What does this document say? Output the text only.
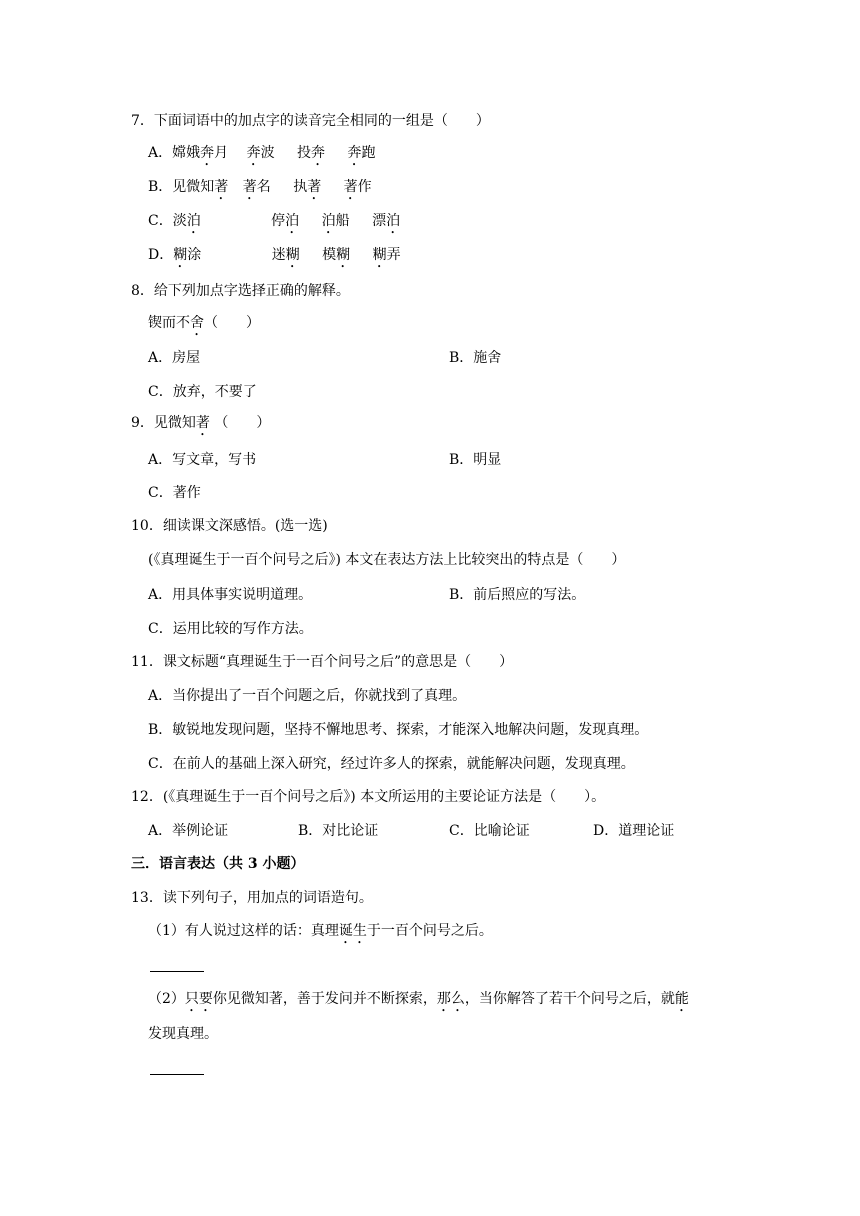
7．下面词语中的加点字的读音完全相同的一组是（　　）
A．嫦娥奔月 奔波 投奔 奔跑
B．见微知著 著名 执著 著作
C．淡泊	停泊 泊船 漂泊
D．糊涂	迷糊 模糊 糊弄
8．给下列加点字选择正确的解释。
锲而不舍（　　）
A．房屋	B．施舍
C．放弃，不要了
9．见微知著 （　　）
A．写文章，写书	B．明显
C．著作
10．细读课文深感悟。(选一选)
(《真理诞生于一百个问号之后》) 本文在表达方法上比较突出的特点是（　　）
A．用具体事实说明道理。	B．前后照应的写法。
C．运用比较的写作方法。
11．课文标题“真理诞生于一百个问号之后”的意思是（　　）
A．当你提出了一百个问题之后，你就找到了真理。
B．敏锐地发现问题，坚持不懈地思考、探索，才能深入地解决问题，发现真理。
C．在前人的基础上深入研究，经过许多人的探索，就能解决问题，发现真理。
12．(《真理诞生于一百个问号之后》) 本文所运用的主要论证方法是（　　）。
A．举例论证	B．对比论证	C．比喻论证	D．道理论证
三．语言表达（共 3 小题）
13．读下列句子，用加点的词语造句。
（1）有人说过这样的话：真理诞生于一百个问号之后。
（2）只要你见微知著，善于发问并不断探索，那么，当你解答了若干个问号之后，就能
发现真理。
